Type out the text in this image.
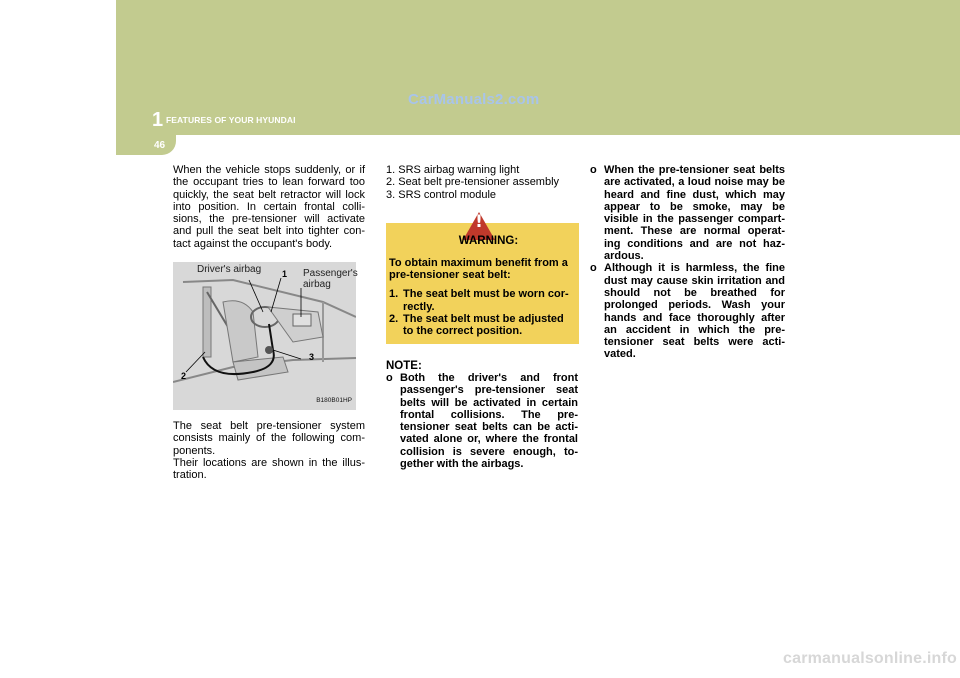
1 FEATURES OF YOUR HYUNDAI
46
CarManuals2.com

When the vehicle stops suddenly, or if the occupant tries to lean forward too quickly, the seat belt retractor will lock into position. In certain frontal colli- sions, the pre-tensioner will activate and pull the seat belt into tighter con- tact against the occupant's body.

Driver's airbag	Passenger's airbag
1
2
3
B180B01HP

The seat belt pre-tensioner system consists mainly of the following com- ponents.

Their locations are shown in the illus- tration.

1. SRS airbag warning light
2. Seat belt pre-tensioner assembly
3. SRS control module
!
WARNING:
To obtain maximum benefit from a pre-tensioner seat belt:
1. The seat belt must be worn cor- rectly.
2. The seat belt must be adjusted to the correct position.
NOTE:
o Both the driver's and front passenger's pre-tensioner seat belts will be activated in certain frontal collisions. The pre- tensioner seat belts can be acti- vated alone or, where the frontal collision is severe enough, to- gether with the airbags.
o When the pre-tensioner seat belts are activated, a loud noise may be heard and fine dust, which may appear to be smoke, may be visible in the passenger compart- ment. These are normal operat- ing conditions and are not haz- ardous.
o Although it is harmless, the fine dust may cause skin irritation and should not be breathed for prolonged periods. Wash your hands and face thoroughly after an accident in which the pre- tensioner seat belts were acti- vated.
carmanualsonline.info
